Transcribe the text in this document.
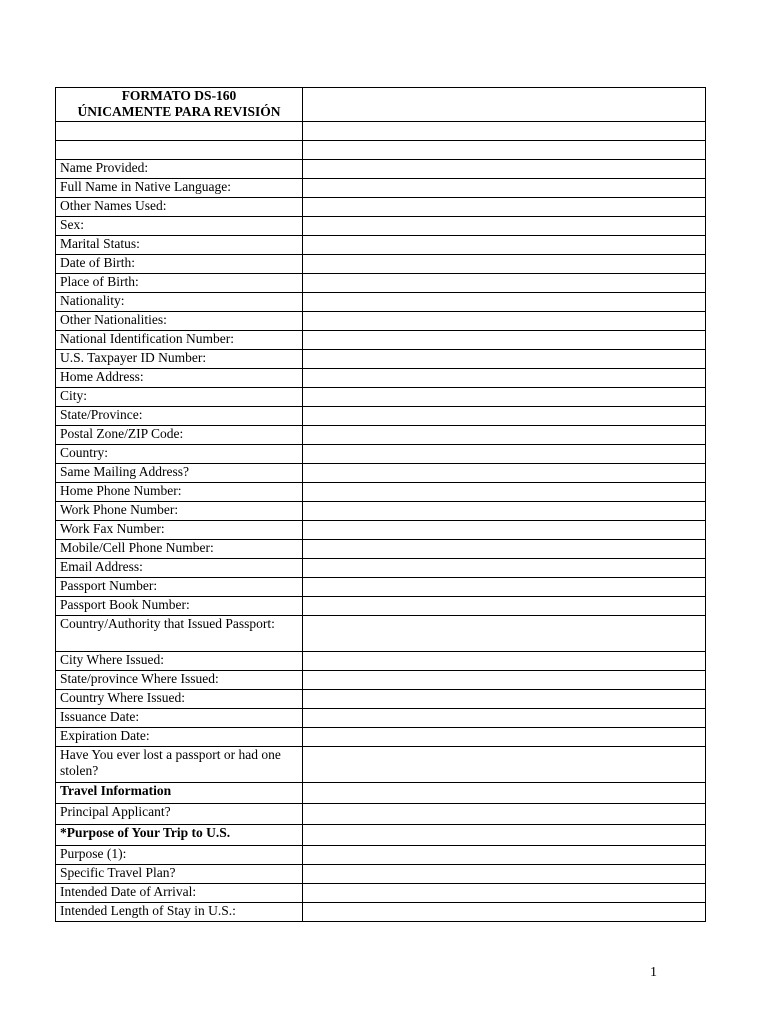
FORMATO DS-160
ÚNICAMENTE PARA REVISIÓN	

Name Provided:	
Full Name in Native Language:	
Other Names Used:	
Sex:	
Marital Status:	
Date of Birth:	
Place of Birth:	
Nationality:	
Other Nationalities:	
National Identification Number:	
U.S. Taxpayer ID Number:	
Home Address:	
City:	
State/Province:	
Postal Zone/ZIP Code:	
Country:	
Same Mailing Address?	
Home Phone Number:	
Work Phone Number:	
Work Fax Number:	
Mobile/Cell Phone Number:	
Email Address:	
Passport Number:	
Passport Book Number:	
Country/Authority that Issued Passport:	
City Where Issued:	
State/province Where Issued:	
Country Where Issued:	
Issuance Date:	
Expiration Date:	
Have You ever lost a passport or had one stolen?	
Travel Information	
Principal Applicant?	
*Purpose of Your Trip to U.S.	
Purpose (1):	
Specific Travel Plan?	
Intended Date of Arrival:	
Intended Length of Stay in U.S.:	
1
